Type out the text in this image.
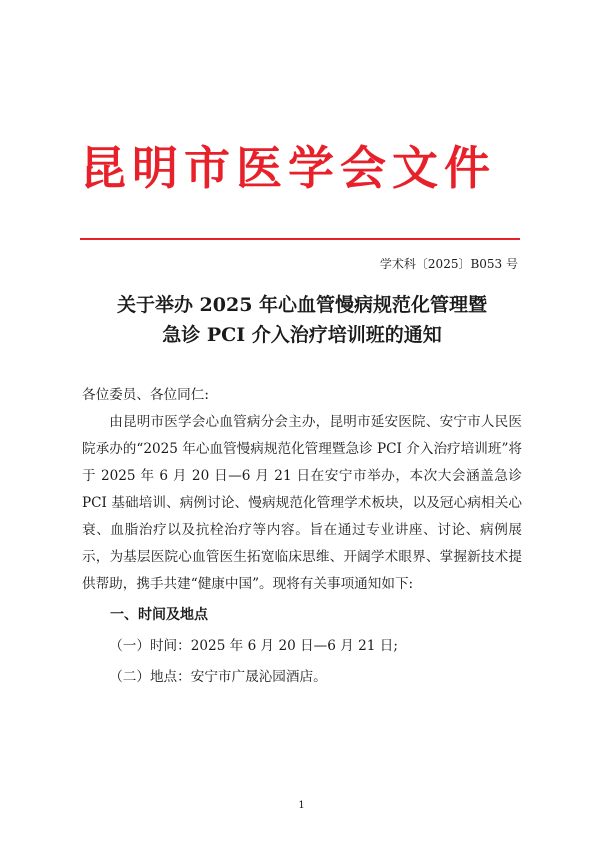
昆明市医学会文件
学术科〔2025〕B053 号
关于举办 2025 年心血管慢病规范化管理暨
急诊 PCI 介入治疗培训班的通知

各位委员、各位同仁:

由昆明市医学会心血管病分会主办，昆明市延安医院、安宁市人民医院承办的“2025 年心血管慢病规范化管理暨急诊 PCI 介入治疗培训班”将于 2025 年 6 月 20 日—6 月 21 日在安宁市举办，本次大会涵盖急诊 PCI 基础培训、病例讨论、慢病规范化管理学术板块，以及冠心病相关心衰、血脂治疗以及抗栓治疗等内容。旨在通过专业讲座、讨论、病例展示，为基层医院心血管医生拓宽临床思维、开阔学术眼界、掌握新技术提供帮助，携手共建“健康中国”。现将有关事项通知如下:

一、时间及地点

（一）时间：2025 年 6 月 20 日—6 月 21 日;

（二）地点：安宁市广晟沁园酒店。

1
